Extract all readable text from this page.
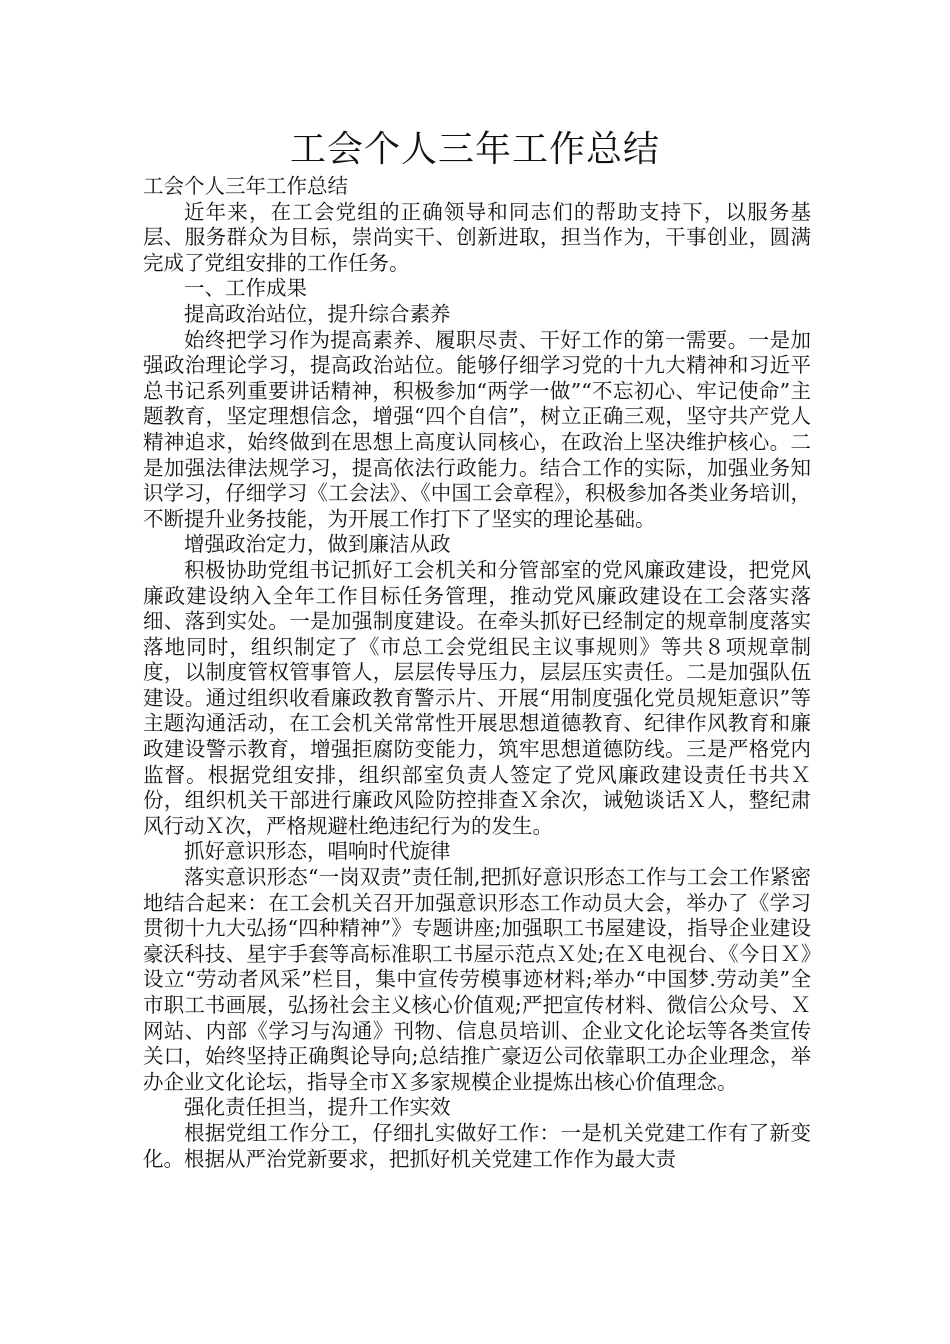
工会个人三年工作总结

工会个人三年工作总结

近年来，在工会党组的正确领导和同志们的帮助支持下，以服务基层、服务群众为目标，崇尚实干、创新进取，担当作为，干事创业，圆满完成了党组安排的工作任务。

一、工作成果

提高政治站位，提升综合素养

始终把学习作为提高素养、履职尽责、干好工作的第一需要。一是加强政治理论学习，提高政治站位。能够仔细学习党的十九大精神和习近平总书记系列重要讲话精神，积极参加“两学一做”“不忘初心、牢记使命”主题教育，坚定理想信念，增强“四个自信”，树立正确三观，坚守共产党人精神追求，始终做到在思想上高度认同核心，在政治上坚决维护核心。二是加强法律法规学习，提高依法行政能力。结合工作的实际，加强业务知识学习，仔细学习《工会法》、《中国工会章程》，积极参加各类业务培训，不断提升业务技能，为开展工作打下了坚实的理论基础。

增强政治定力，做到廉洁从政

积极协助党组书记抓好工会机关和分管部室的党风廉政建设，把党风廉政建设纳入全年工作目标任务管理，推动党风廉政建设在工会落实落细、落到实处。一是加强制度建设。在牵头抓好已经制定的规章制度落实落地同时，组织制定了《市总工会党组民主议事规则》等共８项规章制度，以制度管权管事管人，层层传导压力，层层压实责任。二是加强队伍建设。通过组织收看廉政教育警示片、开展“用制度强化党员规矩意识”等主题沟通活动，在工会机关常常性开展思想道德教育、纪律作风教育和廉政建设警示教育，增强拒腐防变能力，筑牢思想道德防线。三是严格党内监督。根据党组安排，组织部室负责人签定了党风廉政建设责任书共Ｘ份，组织机关干部进行廉政风险防控排查Ｘ余次，诫勉谈话Ｘ人，整纪肃风行动Ｘ次，严格规避杜绝违纪行为的发生。

抓好意识形态，唱响时代旋律

落实意识形态“一岗双责”责任制,把抓好意识形态工作与工会工作紧密地结合起来：在工会机关召开加强意识形态工作动员大会，举办了《学习贯彻十九大弘扬“四种精神”》专题讲座;加强职工书屋建设，指导企业建设豪沃科技、星宇手套等高标准职工书屋示范点Ｘ处;在Ｘ电视台、《今日Ｘ》设立“劳动者风采”栏目，集中宣传劳模事迹材料;举办“中国梦.劳动美”全市职工书画展，弘扬社会主义核心价值观;严把宣传材料、微信公众号、Ｘ网站、内部《学习与沟通》刊物、信息员培训、企业文化论坛等各类宣传关口，始终坚持正确舆论导向;总结推广豪迈公司依靠职工办企业理念，举办企业文化论坛，指导全市Ｘ多家规模企业提炼出核心价值理念。

强化责任担当，提升工作实效

根据党组工作分工，仔细扎实做好工作：一是机关党建工作有了新变化。根据从严治党新要求，把抓好机关党建工作作为最大责
